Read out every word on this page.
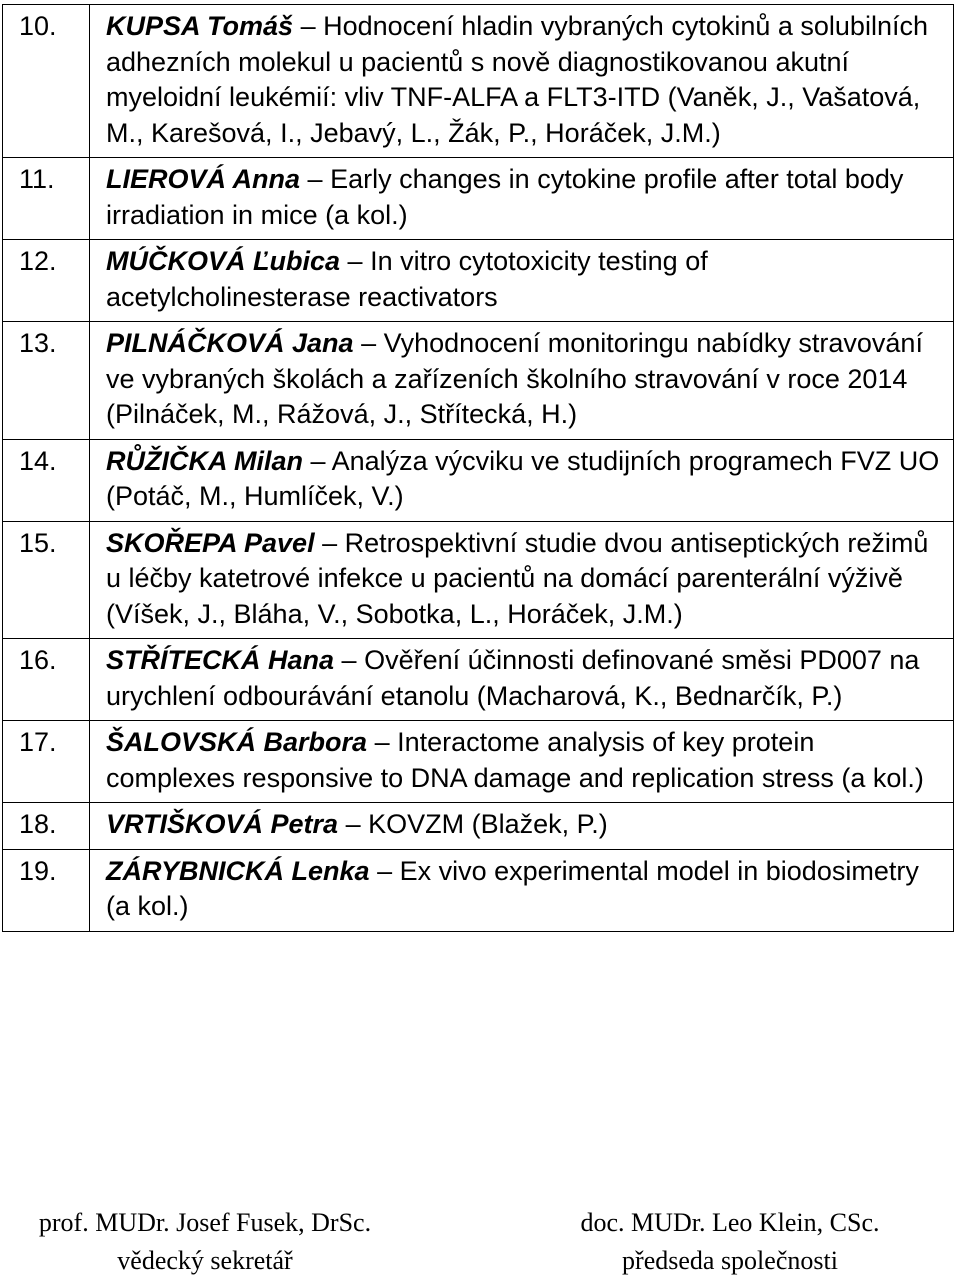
10.	KUPSA Tomáš – Hodnocení hladin vybraných cytokinů a solubilních adhezních molekul u pacientů s nově diagnostikovanou akutní myeloidní leukémií: vliv TNF-ALFA a FLT3-ITD (Vaněk, J., Vašatová, M., Karešová, I., Jebavý, L., Žák, P., Horáček, J.M.)
11.	LIEROVÁ Anna – Early changes in cytokine profile after total body irradiation in mice (a kol.)
12.	MÚČKOVÁ Ľubica – In vitro cytotoxicity testing of acetylcholinesterase reactivators
13.	PILNÁČKOVÁ Jana – Vyhodnocení monitoringu nabídky stravování ve vybraných školách a zařízeních školního stravování v roce 2014 (Pilnáček, M., Rážová, J., Střítecká, H.)
14.	RŮŽIČKA Milan – Analýza výcviku ve studijních programech FVZ UO (Potáč, M., Humlíček, V.)
15.	SKOŘEPA Pavel – Retrospektivní studie dvou antiseptických režimů u léčby katetrové infekce u pacientů na domácí parenterální výživě (Víšek, J., Bláha, V., Sobotka, L., Horáček, J.M.)
16.	STŘÍTECKÁ Hana – Ověření účinnosti definované směsi PD007 na urychlení odbourávání etanolu (Macharová, K., Bednarčík, P.)
17.	ŠALOVSKÁ Barbora – Interactome analysis of key protein complexes responsive to DNA damage and replication stress (a kol.)
18.	VRTIŠKOVÁ Petra – KOVZM (Blažek, P.)
19.	ZÁRYBNICKÁ Lenka – Ex vivo experimental model in biodosimetry (a kol.)
prof. MUDr. Josef Fusek, DrSc.
vědecký sekretář
doc. MUDr. Leo Klein, CSc.
předseda společnosti
